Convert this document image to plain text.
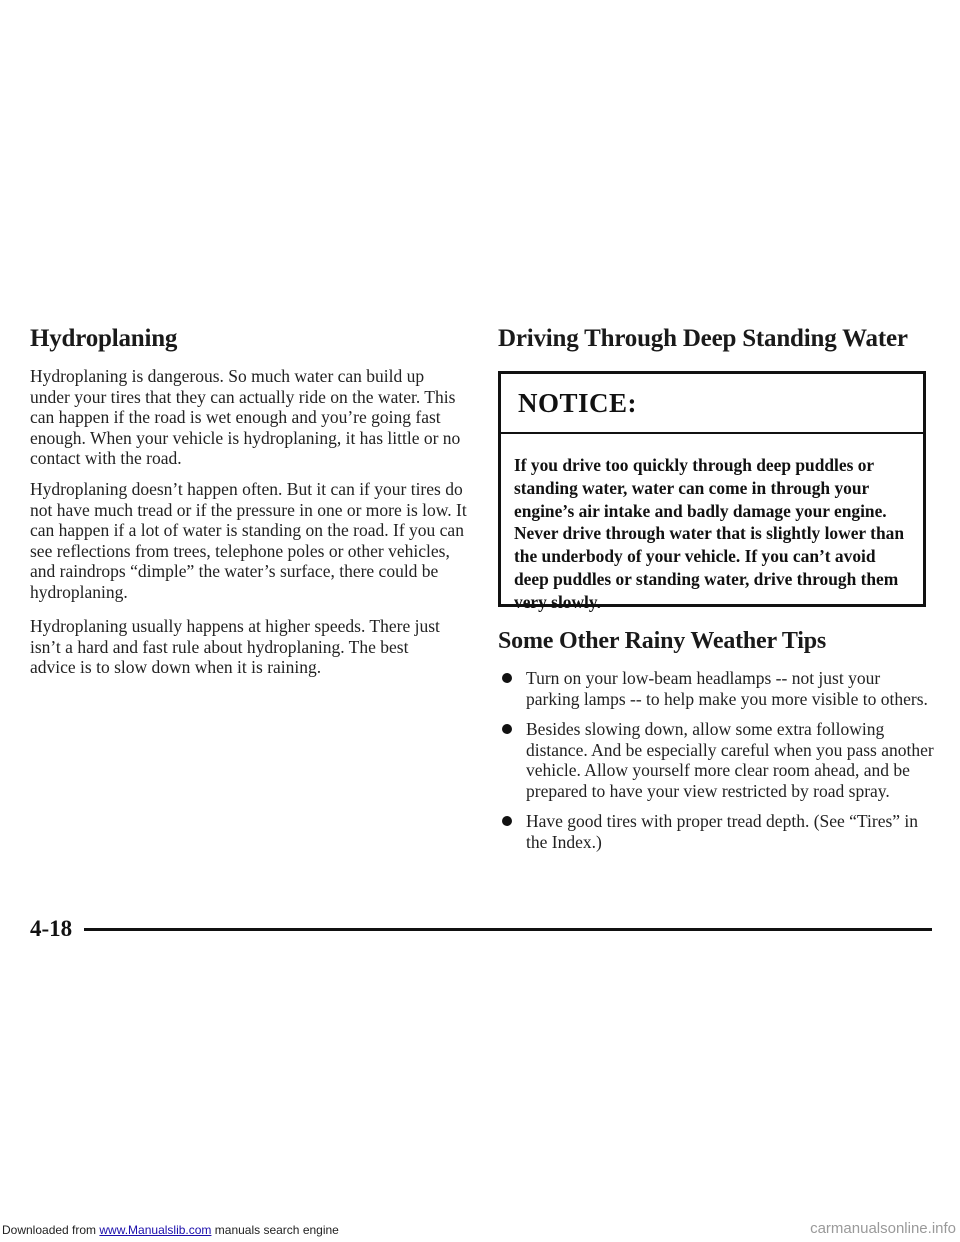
Hydroplaning

Hydroplaning is dangerous. So much water can build up under your tires that they can actually ride on the water. This can happen if the road is wet enough and you’re going fast enough. When your vehicle is hydroplaning, it has little or no contact with the road.

Hydroplaning doesn’t happen often. But it can if your tires do not have much tread or if the pressure in one or more is low. It can happen if a lot of water is standing on the road. If you can see reflections from trees, telephone poles or other vehicles, and raindrops “dimple” the water’s surface, there could be hydroplaning.

Hydroplaning usually happens at higher speeds. There just isn’t a hard and fast rule about hydroplaning. The best advice is to slow down when it is raining.

Driving Through Deep Standing Water
NOTICE:

If you drive too quickly through deep puddles or standing water, water can come in through your engine’s air intake and badly damage your engine. Never drive through water that is slightly lower than the underbody of your vehicle. If you can’t avoid deep puddles or standing water, drive through them very slowly.

Some Other Rainy Weather Tips
Turn on your low-beam headlamps -- not just your parking lamps -- to help make you more visible to others.
Besides slowing down, allow some extra following distance. And be especially careful when you pass another vehicle. Allow yourself more clear room ahead, and be prepared to have your view restricted by road spray.
Have good tires with proper tread depth. (See “Tires” in the Index.)
4-18
Downloaded from www.Manualslib.com manuals search engine	carmanualsonline.info
